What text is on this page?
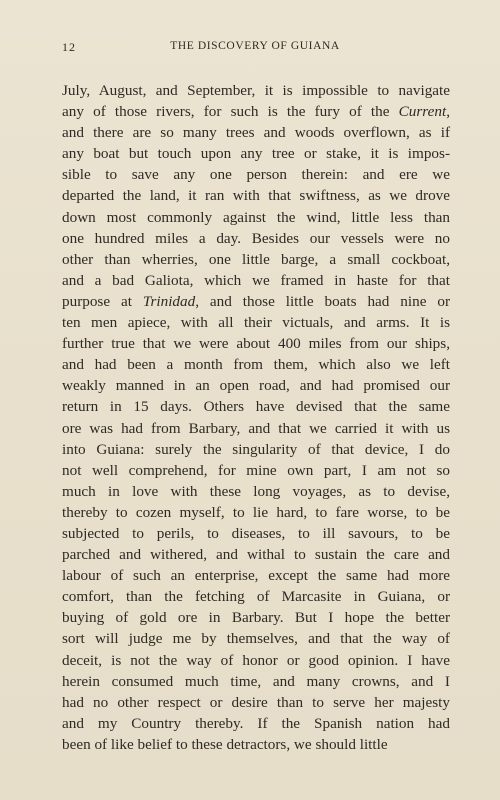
12	THE DISCOVERY OF GUIANA
July, August, and September, it is impossible to navigate
any of those rivers, for such is the fury of the Current,
and there are so many trees and woods overflown, as if
any boat but touch upon any tree or stake, it is impos-
sible to save any one person therein: and ere we
departed the land, it ran with that swiftness, as we drove
down most commonly against the wind, little less than
one hundred miles a day. Besides our vessels were no
other than wherries, one little barge, a small cockboat,
and a bad Galiota, which we framed in haste for that
purpose at Trinidad, and those little boats had nine or
ten men apiece, with all their victuals, and arms. It is
further true that we were about 400 miles from our ships,
and had been a month from them, which also we left
weakly manned in an open road, and had promised our
return in 15 days. Others have devised that the same
ore was had from Barbary, and that we carried it with us
into Guiana: surely the singularity of that device, I do
not well comprehend, for mine own part, I am not so
much in love with these long voyages, as to devise,
thereby to cozen myself, to lie hard, to fare worse, to be
subjected to perils, to diseases, to ill savours, to be
parched and withered, and withal to sustain the care and
labour of such an enterprise, except the same had more
comfort, than the fetching of Marcasite in Guiana, or
buying of gold ore in Barbary. But I hope the better
sort will judge me by themselves, and that the way of
deceit, is not the way of honor or good opinion. I have
herein consumed much time, and many crowns, and I
had no other respect or desire than to serve her majesty
and my Country thereby. If the Spanish nation had
been of like belief to these detractors, we should little
